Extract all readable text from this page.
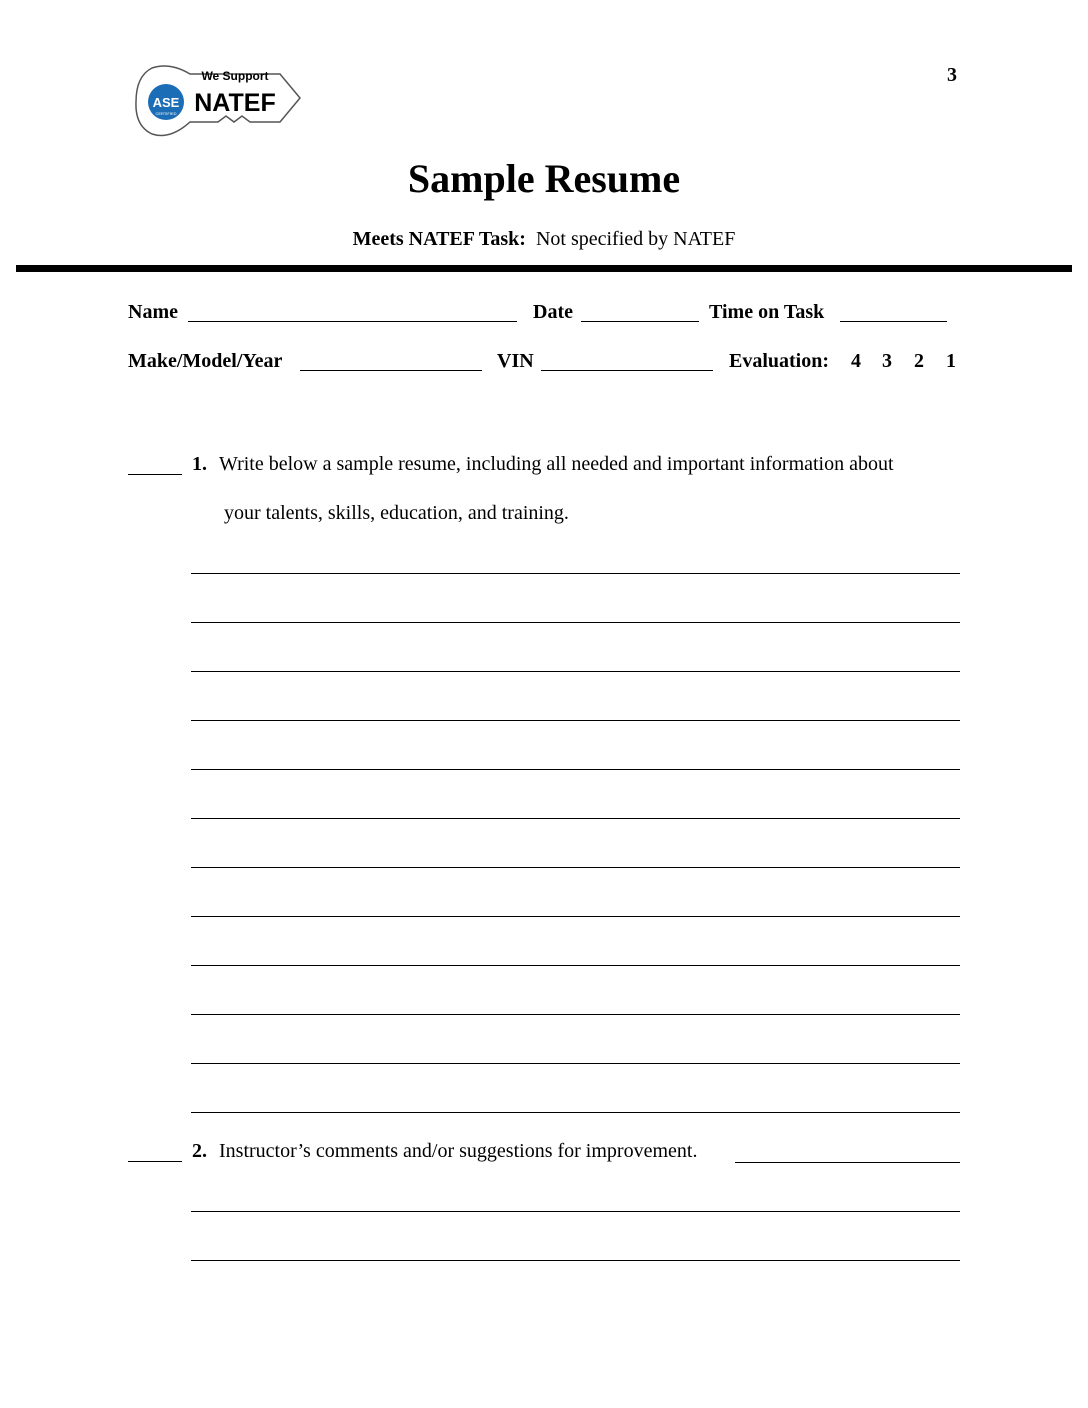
3
ASE
CERTIFIED
We Support
NATEF
Sample Resume
Meets NATEF Task: Not specified by NATEF
Name	Date	Time on Task
Make/Model/Year	VIN	Evaluation: 4 3 2 1
1. Write below a sample resume, including all needed and important information about
your talents, skills, education, and training.
2. Instructor’s comments and/or suggestions for improvement.
